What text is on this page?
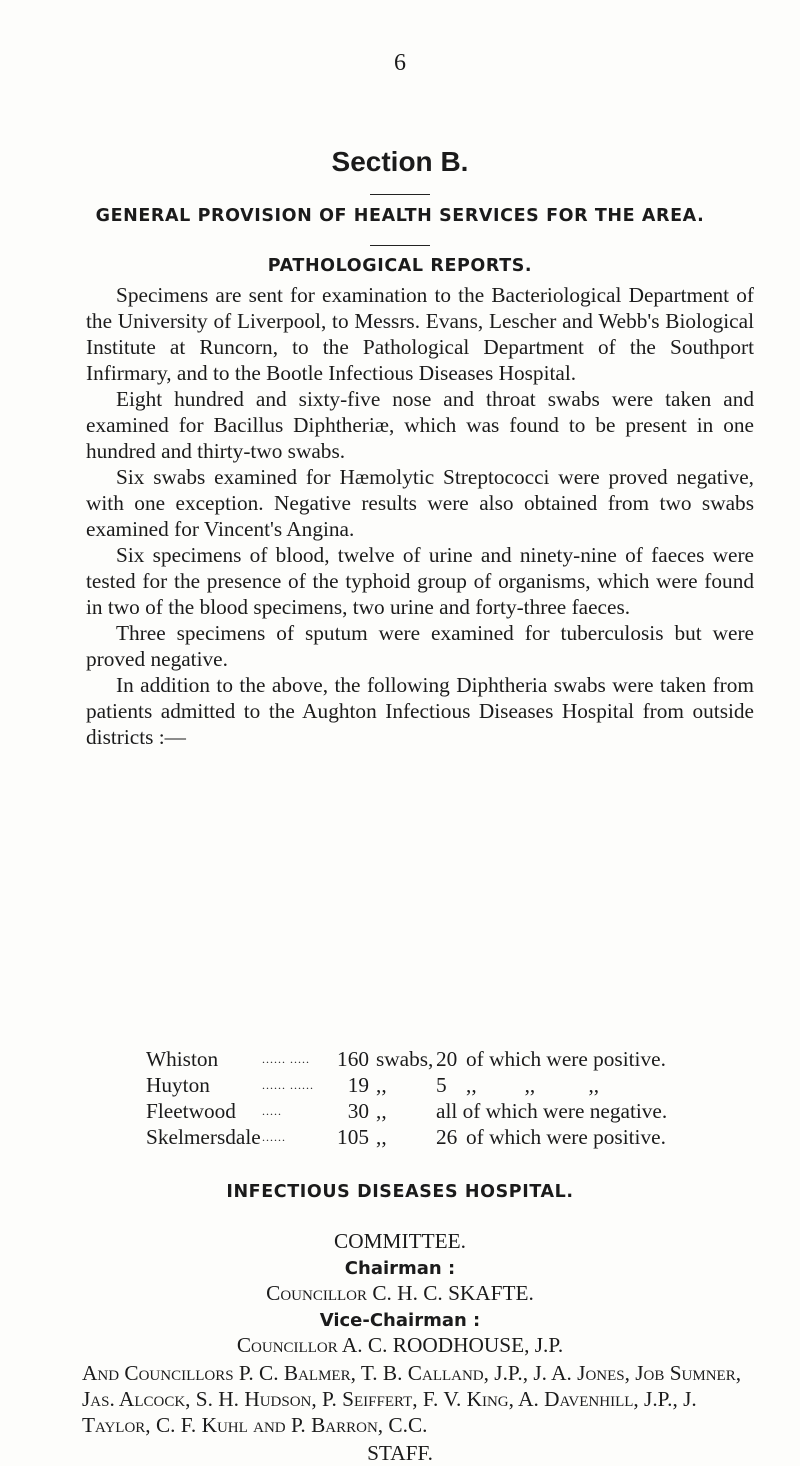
6
Section B.
GENERAL PROVISION OF HEALTH SERVICES FOR THE AREA.
PATHOLOGICAL REPORTS.

Specimens are sent for examination to the Bacteriological Department of the University of Liverpool, to Messrs. Evans, Lescher and Webb's Biological Institute at Runcorn, to the Pathological Department of the Southport Infirmary, and to the Bootle Infectious Diseases Hospital.

Eight hundred and sixty-five nose and throat swabs were taken and examined for Bacillus Diphtheriæ, which was found to be present in one hundred and thirty-two swabs.

Six swabs examined for Hæmolytic Streptococci were proved negative, with one exception. Negative results were also obtained from two swabs examined for Vincent's Angina.

Six specimens of blood, twelve of urine and ninety-nine of faeces were tested for the presence of the typhoid group of organisms, which were found in two of the blood specimens, two urine and forty-three faeces.

Three specimens of sputum were examined for tuberculosis but were proved negative.

In addition to the above, the following Diphtheria swabs were taken from patients admitted to the Aughton Infectious Diseases Hospital from outside districts :—

Whiston	...... .....	160 swabs, 20 of which were positive.
Huyton	...... ......	19 ,, 5 ,,         ,,          ,,
Fleetwood .....	30 ,, all of which were negative.
Skelmersdale ......	105 ,, 26 of which were positive.
INFECTIOUS DISEASES HOSPITAL.
COMMITTEE.
Chairman :
Councillor C. H. C. SKAFTE.
Vice-Chairman :
Councillor A. C. ROODHOUSE, J.P.
And Councillors P. C. Balmer, T. B. Calland, J.P., J. A. Jones, Job Sumner, Jas. Alcock, S. H. Hudson, P. Seiffert, F. V. King, A. Davenhill, J.P., J. Taylor, C. F. Kuhl and P. Barron, C.C.
STAFF.
